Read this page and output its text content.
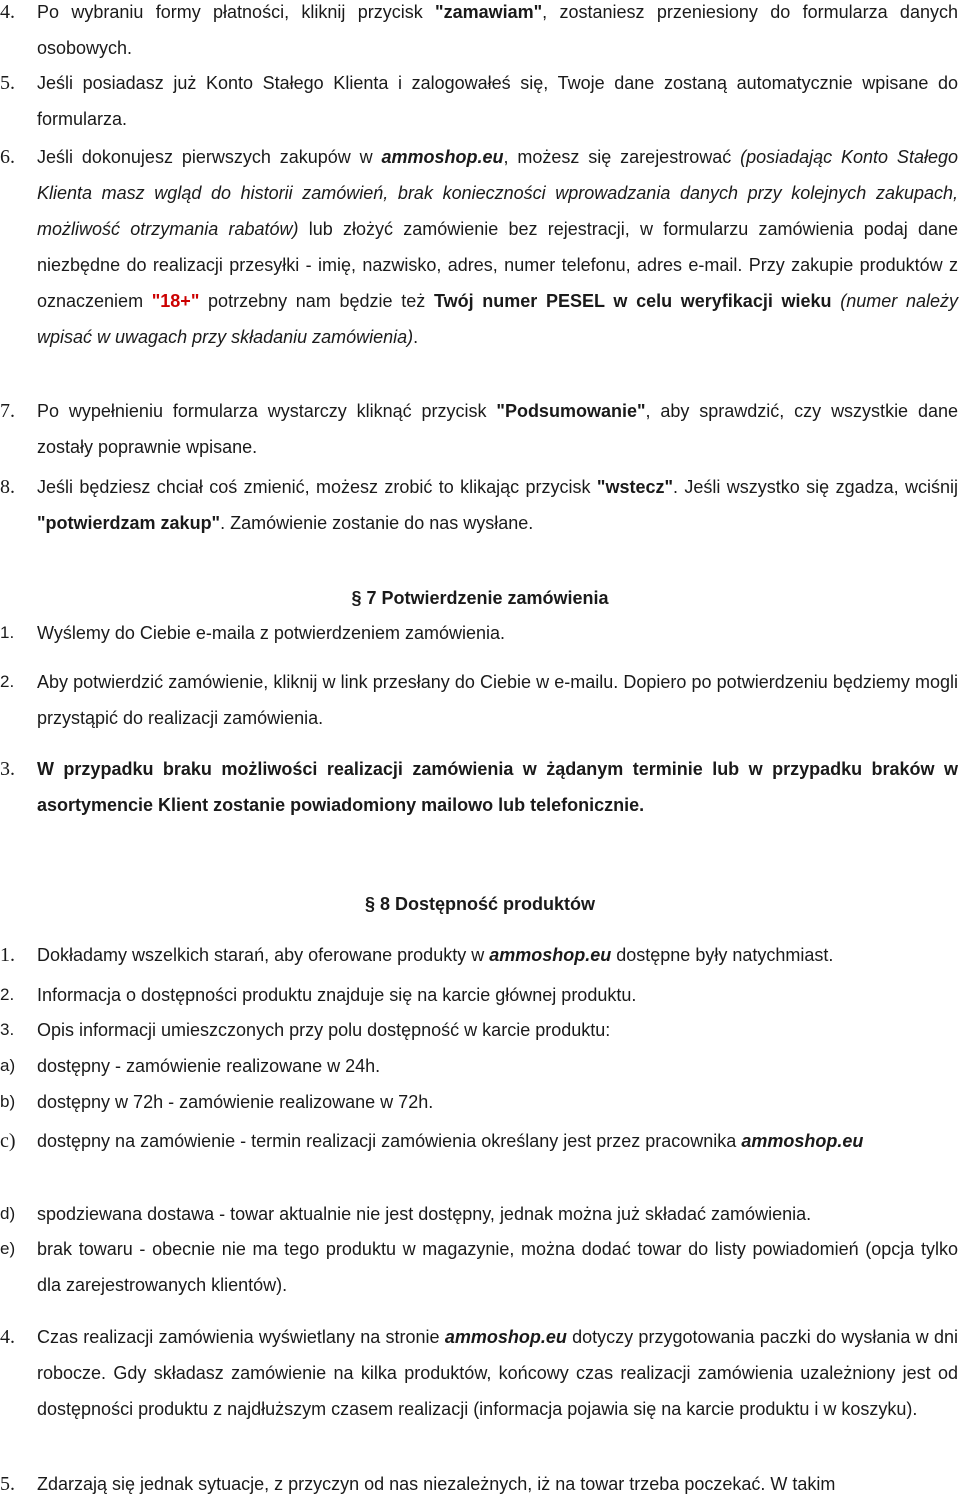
4.	Po wybraniu formy płatności, kliknij przycisk "zamawiam", zostaniesz przeniesiony do formularza danych osobowych.
5.	Jeśli posiadasz już Konto Stałego Klienta i zalogowałeś się, Twoje dane zostaną automatycznie wpisane do formularza.
6.	Jeśli dokonujesz pierwszych zakupów w ammoshop.eu, możesz się zarejestrować (posiadając Konto Stałego Klienta masz wgląd do historii zamówień, brak konieczności wprowadzania danych przy kolejnych zakupach, możliwość otrzymania rabatów) lub złożyć zamówienie bez rejestracji, w formularzu zamówienia podaj dane niezbędne do realizacji przesyłki - imię, nazwisko, adres, numer telefonu, adres e-mail. Przy zakupie produktów z oznaczeniem "18+" potrzebny nam będzie też Twój numer PESEL w celu weryfikacji wieku (numer należy wpisać w uwagach przy składaniu zamówienia).
7.	Po wypełnieniu formularza wystarczy kliknąć przycisk "Podsumowanie", aby sprawdzić, czy wszystkie dane zostały poprawnie wpisane.
8.	Jeśli będziesz chciał coś zmienić, możesz zrobić to klikając przycisk "wstecz". Jeśli wszystko się zgadza, wciśnij "potwierdzam zakup". Zamówienie zostanie do nas wysłane.
§ 7 Potwierdzenie zamówienia
1.	Wyślemy do Ciebie e-maila z potwierdzeniem zamówienia.
2.	Aby potwierdzić zamówienie, kliknij w link przesłany do Ciebie w e-mailu. Dopiero po potwierdzeniu będziemy mogli przystąpić do realizacji zamówienia.
3.	W przypadku braku możliwości realizacji zamówienia w żądanym terminie lub w przypadku braków w asortymencie Klient zostanie powiadomiony mailowo lub telefonicznie.
§ 8 Dostępność produktów
1.	Dokładamy wszelkich starań, aby oferowane produkty w ammoshop.eu dostępne były natychmiast.
2.	Informacja o dostępności produktu znajduje się na karcie głównej produktu.
3.	Opis informacji umieszczonych przy polu dostępność w karcie produktu:
a)	dostępny - zamówienie realizowane w 24h.
b)	dostępny w 72h - zamówienie realizowane w 72h.
c)	dostępny na zamówienie - termin realizacji zamówienia określany jest przez pracownika ammoshop.eu
d)	spodziewana dostawa - towar aktualnie nie jest dostępny, jednak można już składać zamówienia.
e)	brak towaru - obecnie nie ma tego produktu w magazynie, można dodać towar do listy powiadomień (opcja tylko dla zarejestrowanych klientów).
4.	Czas realizacji zamówienia wyświetlany na stronie ammoshop.eu dotyczy przygotowania paczki do wysłania w dni robocze. Gdy składasz zamówienie na kilka produktów, końcowy czas realizacji zamówienia uzależniony jest od dostępności produktu z najdłuższym czasem realizacji (informacja pojawia się na karcie produktu i w koszyku).
5.	Zdarzają się jednak sytuacje, z przyczyn od nas niezależnych, iż na towar trzeba poczekać. W takim
